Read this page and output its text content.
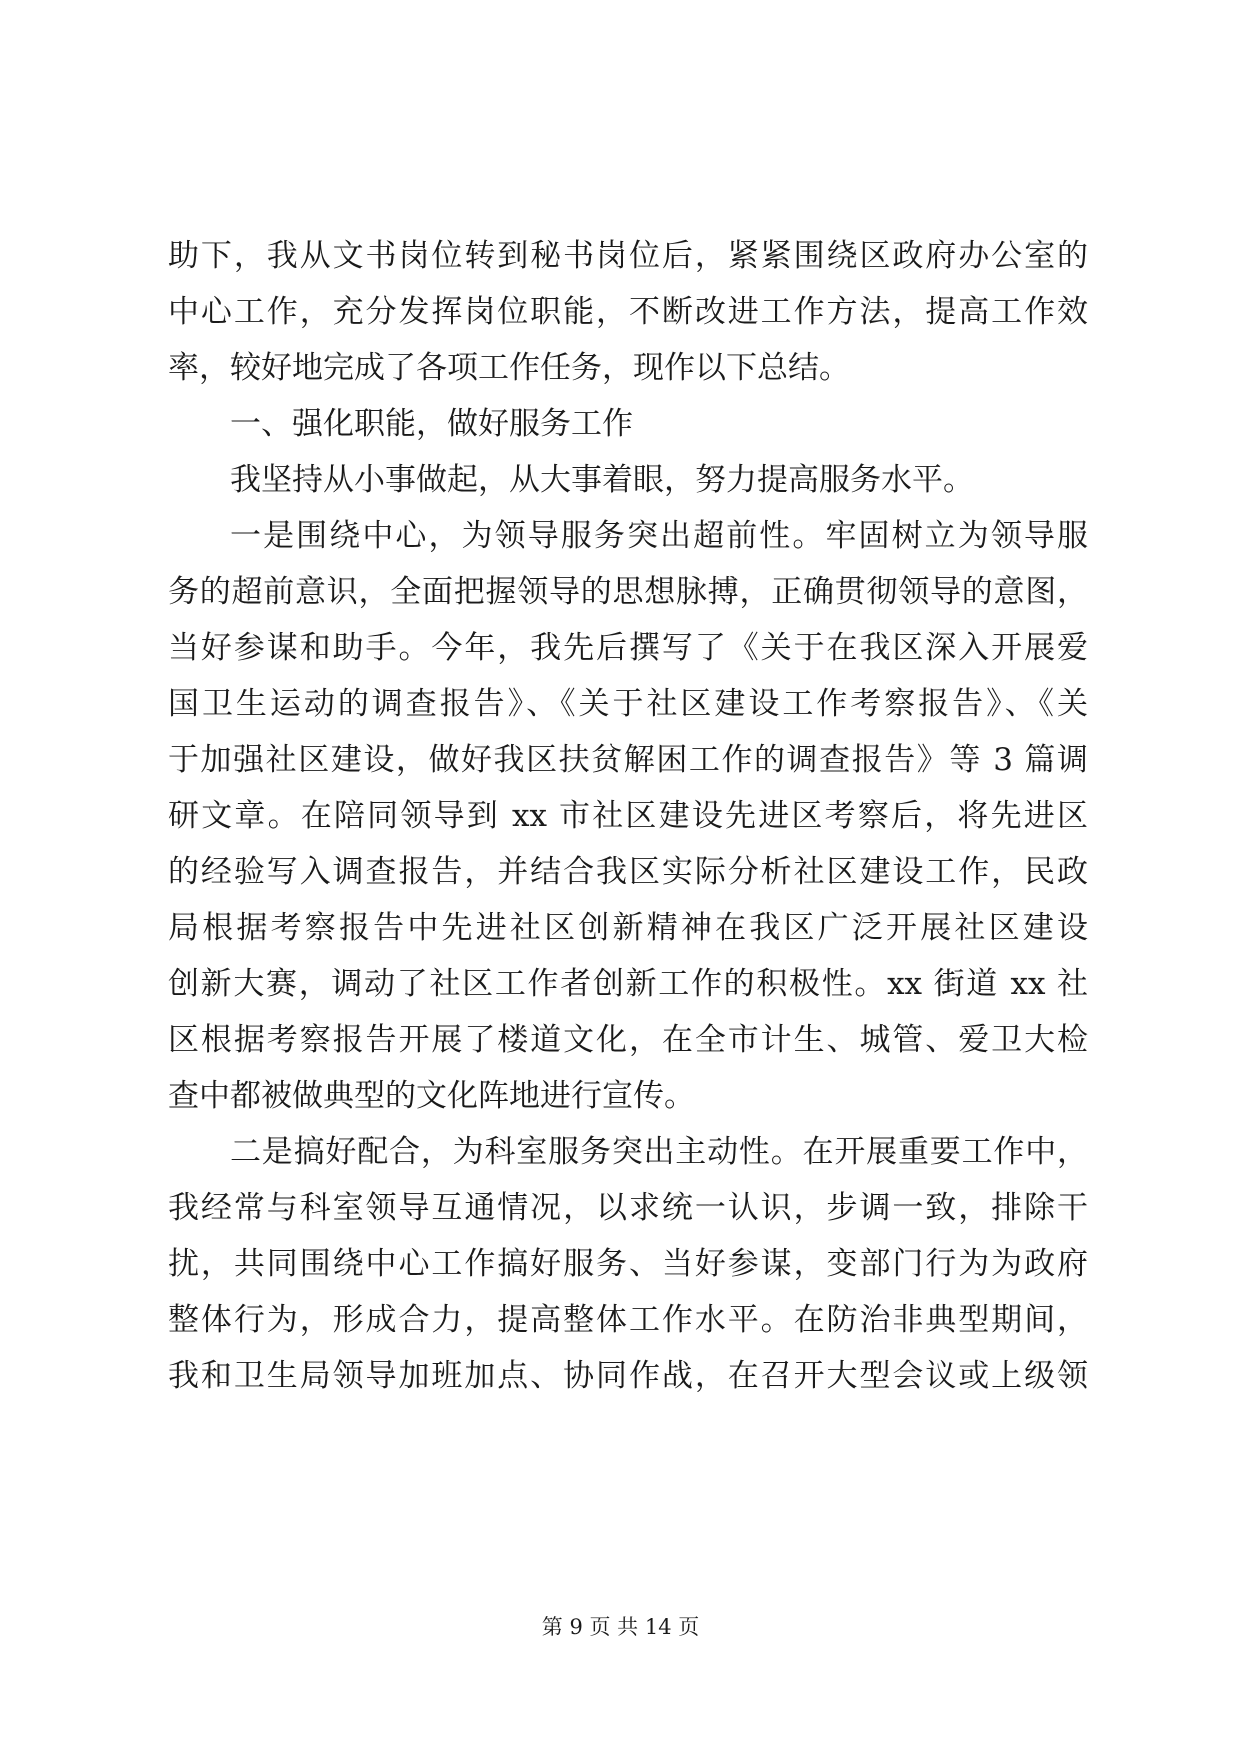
助下，我从文书岗位转到秘书岗位后，紧紧围绕区政府办公室的
中心工作，充分发挥岗位职能，不断改进工作方法，提高工作效
率，较好地完成了各项工作任务，现作以下总结。
一、强化职能，做好服务工作
我坚持从小事做起，从大事着眼，努力提高服务水平。
一是围绕中心，为领导服务突出超前性。牢固树立为领导服
务的超前意识，全面把握领导的思想脉搏，正确贯彻领导的意图，
当好参谋和助手。今年，我先后撰写了《关于在我区深入开展爱
国卫生运动的调查报告》、《关于社区建设工作考察报告》、《关
于加强社区建设，做好我区扶贫解困工作的调查报告》等 3 篇调
研文章。在陪同领导到 xx 市社区建设先进区考察后，将先进区
的经验写入调查报告，并结合我区实际分析社区建设工作，民政
局根据考察报告中先进社区创新精神在我区广泛开展社区建设
创新大赛，调动了社区工作者创新工作的积极性。xx 街道 xx 社
区根据考察报告开展了楼道文化，在全市计生、城管、爱卫大检
查中都被做典型的文化阵地进行宣传。
二是搞好配合，为科室服务突出主动性。在开展重要工作中，
我经常与科室领导互通情况，以求统一认识，步调一致，排除干
扰，共同围绕中心工作搞好服务、当好参谋，变部门行为为政府
整体行为，形成合力，提高整体工作水平。在防治非典型期间，
我和卫生局领导加班加点、协同作战，在召开大型会议或上级领
第 9 页 共 14 页
